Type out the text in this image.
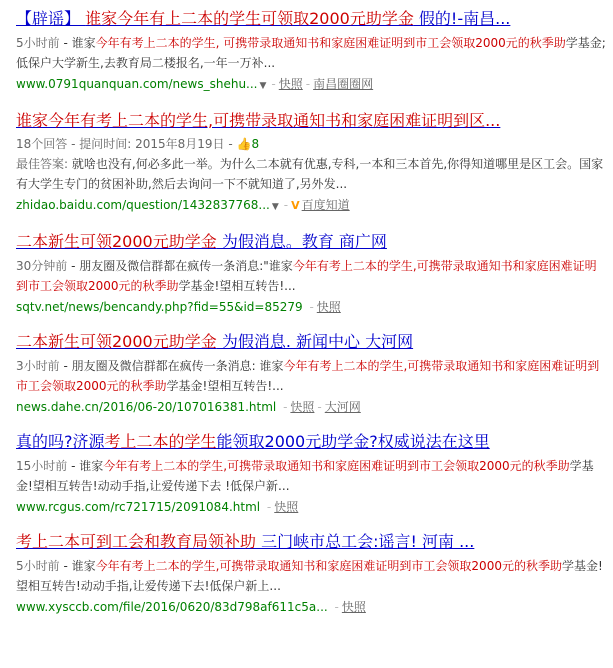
【辟谣】 谁家今年有上二本的学生可领取2000元助学金 假的!-南昌...
5小时前 - 谁家今年有考上二本的学生, 可携带录取通知书和家庭困难证明到市工会领取2000元的秋季助学基金;低保户大学新生,去教育局二楼报名,一年一万补...
www.0791quanquan.com/news_shehu... ▼ - 快照 - 南昌圈圈网
谁家今年有考上二本的学生,可携带录取通知书和家庭困难证明到区...
18个回答 - 提问时间: 2015年8月19日 - 👍8
最佳答案: 就啥也没有,何必多此一举。为什么二本就有优惠,专科,一本和三本首先,你得知道哪里是区工会。国家有大学生专门的贫困补助,然后去询问一下不就知道了,另外发...
zhidao.baidu.com/question/1432837768... ▼ - V 百度知道
二本新生可领2000元助学金 为假消息。教育 商广网
30分钟前 - 朋友圈及微信群都在疯传一条消息:"谁家今年有考上二本的学生,可携带录取通知书和家庭困难证明到市工会领取2000元的秋季助学基金!望相互转告!...
sqtv.net/news/bencandy.php?fid=55&id=85279 - 快照
二本新生可领2000元助学金 为假消息. 新闻中心 大河网
3小时前 - 朋友圈及微信群都在疯传一条消息: 谁家今年有考上二本的学生,可携带录取通知书和家庭困难证明到市工会领取2000元的秋季助学基金!望相互转告!...
news.dahe.cn/2016/06-20/107016381.html - 快照 - 大河网
真的吗?济源考上二本的学生能领取2000元助学金?权威说法在这里
15小时前 - 谁家今年有考上二本的学生,可携带录取通知书和家庭困难证明到市工会领取2000元的秋季助学基金!望相互转告!动动手指,让爱传递下去 !低保户新...
www.rcgus.com/rc721715/2091084.html - 快照
考上二本可到工会和教育局领补助 三门峡市总工会:谣言! 河南 ...
5小时前 - 谁家今年有考上二本的学生,可携带录取通知书和家庭困难证明到市工会领取2000元的秋季助学基金!望相互转告!动动手指,让爱传递下去!低保户新上...
www.xysccb.com/file/2016/0620/83d798af611c5a... - 快照
